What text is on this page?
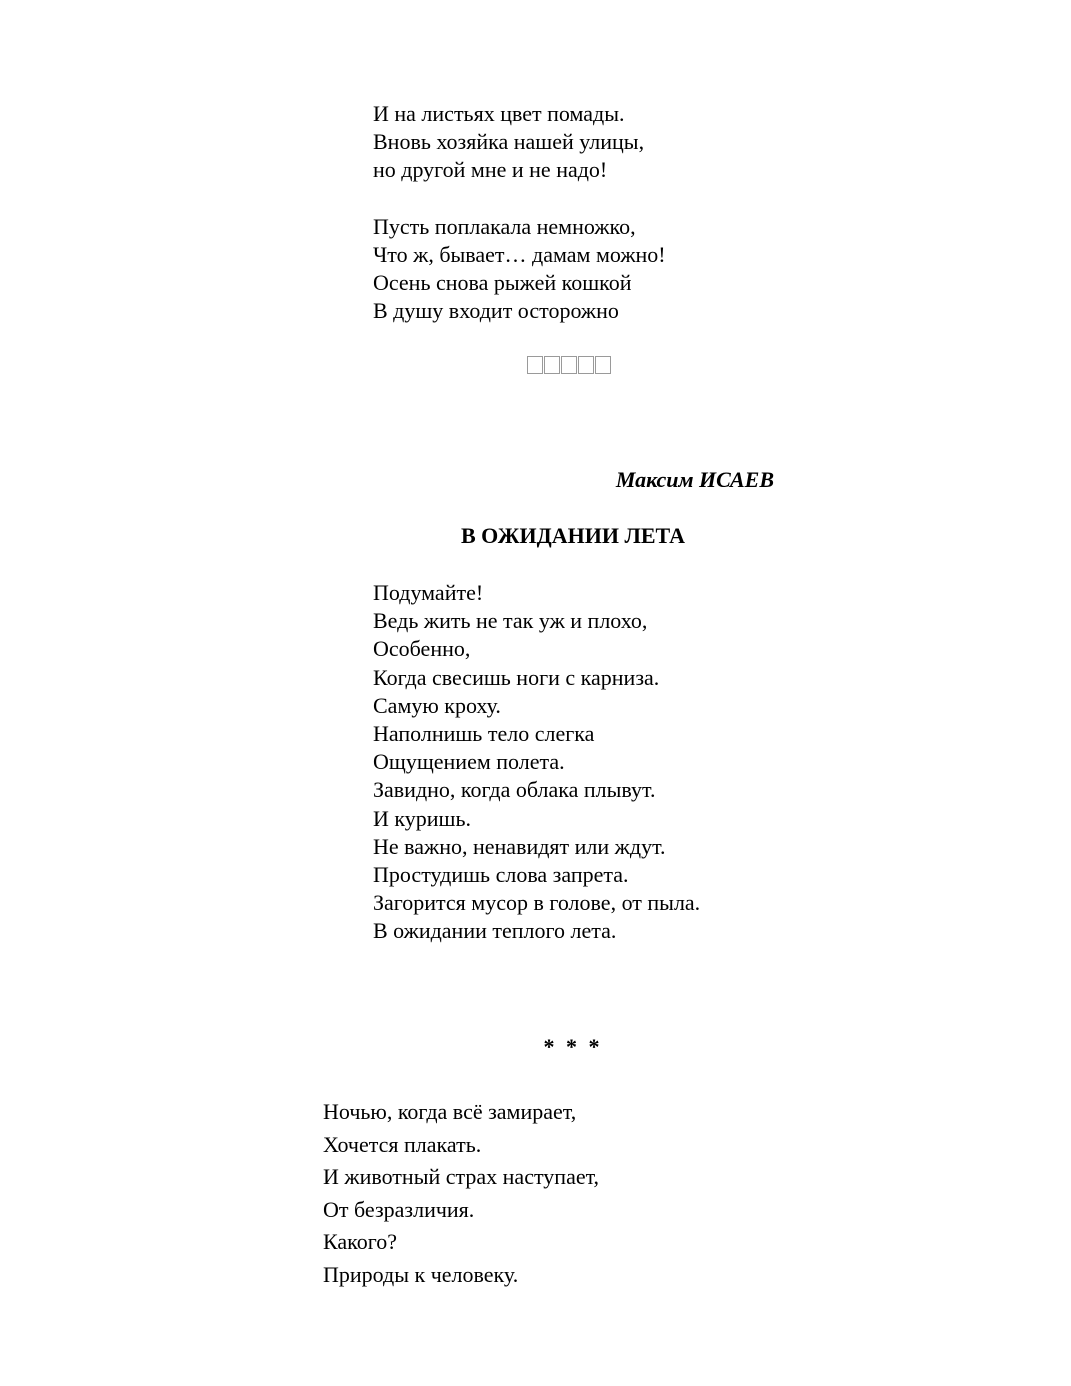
И на листьях цвет помады.
Вновь хозяйка нашей улицы,
но другой мне и не надо!
Пусть поплакала немножко,
Что ж, бывает… дамам можно!
Осень снова рыжей кошкой
В душу входит осторожно
Максим ИСАЕВ
В ОЖИДАНИИ ЛЕТА
Подумайте!
Ведь жить не так уж и плохо,
Особенно,
Когда свесишь ноги с карниза.
Самую кроху.
Наполнишь тело слегка
Ощущением полета.
Завидно, когда облака плывут.
И куришь.
Не важно, ненавидят или ждут.
Простудишь слова запрета.
Загорится мусор в голове, от пыла.
В ожидании теплого лета.
* * *
Ночью, когда всё замирает,
Хочется плакать.
И животный страх наступает,
От безразличия.
Какого?
Природы к человеку.
